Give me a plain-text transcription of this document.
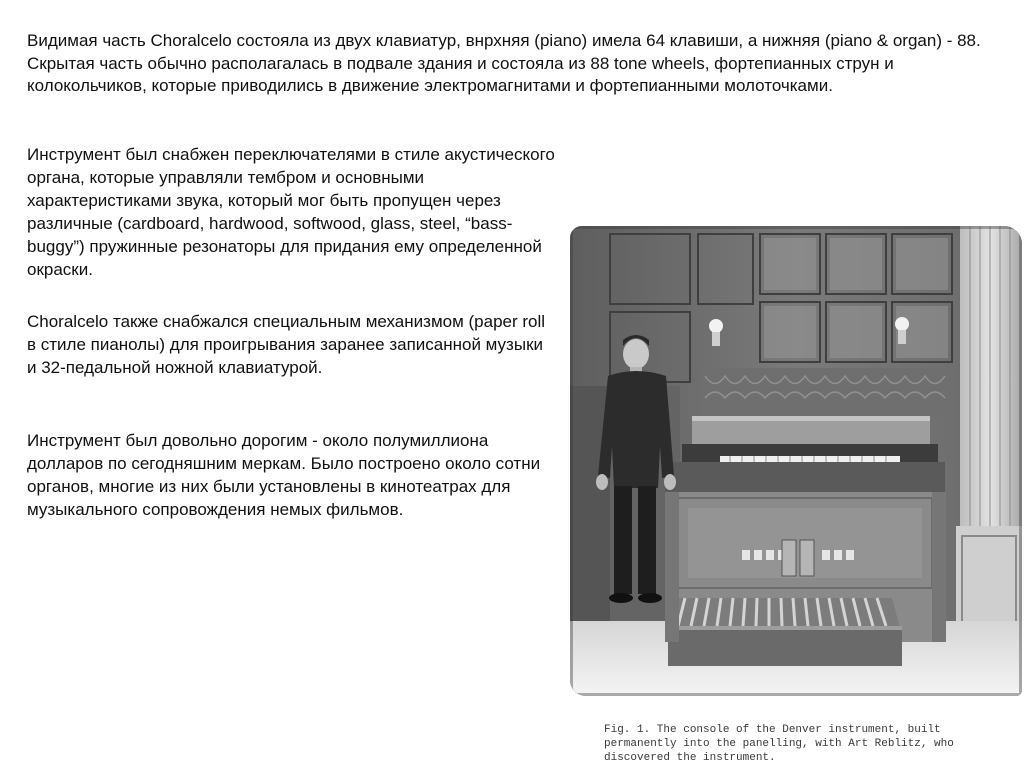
Видимая часть Choralcelo состояла из двух клавиатур, внрхняя (piano) имела 64 клавиши, а нижняя (piano & organ) - 88. Скрытая часть обычно располагалась в подвале здания и состояла из 88 tone wheels, фортепианных струн и колокольчиков, которые приводились в движение электромагнитами и фортепианными молоточками.

Инструмент был снабжен переключателями в стиле акустического органа, которые управляли тембром и основными характеристиками звука, который мог быть пропущен через различные (cardboard, hardwood, softwood, glass, steel, “bass-buggy”) пружинные резонаторы для придания ему определенной окраски.

Choralcelo также снабжался специальным механизмом (paper roll в стиле пианолы) для проигрывания заранее записанной музыки и 32-педальной ножной клавиатурой.

Инструмент был довольно дорогим - около полумиллиона долларов по сегодняшним меркам. Было построено около сотни органов, многие из них были установлены в кинотеатрах для музыкального сопровождения немых фильмов.

Fig. 1. The console of the Denver instrument, built permanently into the panelling, with Art Reblitz, who discovered the instrument.
